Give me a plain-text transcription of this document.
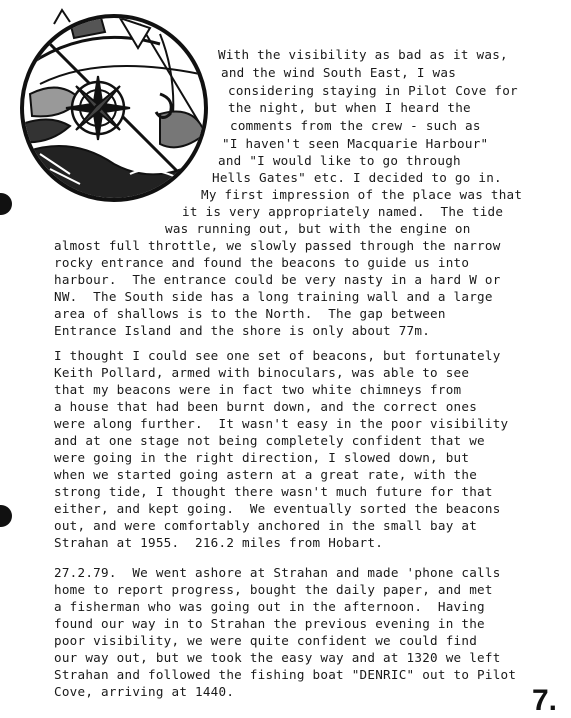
With the visibility as bad as it was,
and the wind South East, I was
considering staying in Pilot Cove for
the night, but when I heard the
comments from the crew - such as
"I haven't seen Macquarie Harbour"
and "I would like to go through
Hells Gates" etc. I decided to go in.
My first impression of the place was that
it is very appropriately named.  The tide
was running out, but with the engine on
almost full throttle, we slowly passed through the narrow
rocky entrance and found the beacons to guide us into
harbour.  The entrance could be very nasty in a hard W or
NW.  The South side has a long training wall and a large
area of shallows is to the North.  The gap between
Entrance Island and the shore is only about 77m.
I thought I could see one set of beacons, but fortunately
Keith Pollard, armed with binoculars, was able to see
that my beacons were in fact two white chimneys from
a house that had been burnt down, and the correct ones
were along further.  It wasn't easy in the poor visibility
and at one stage not being completely confident that we
were going in the right direction, I slowed down, but
when we started going astern at a great rate, with the
strong tide, I thought there wasn't much future for that
either, and kept going.  We eventually sorted the beacons
out, and were comfortably anchored in the small bay at
Strahan at 1955.  216.2 miles from Hobart.
27.2.79.  We went ashore at Strahan and made 'phone calls
home to report progress, bought the daily paper, and met
a fisherman who was going out in the afternoon.  Having
found our way in to Strahan the previous evening in the
poor visibility, we were quite confident we could find
our way out, but we took the easy way and at 1320 we left
Strahan and followed the fishing boat "DENRIC" out to Pilot
Cove, arriving at 1440.	7.
